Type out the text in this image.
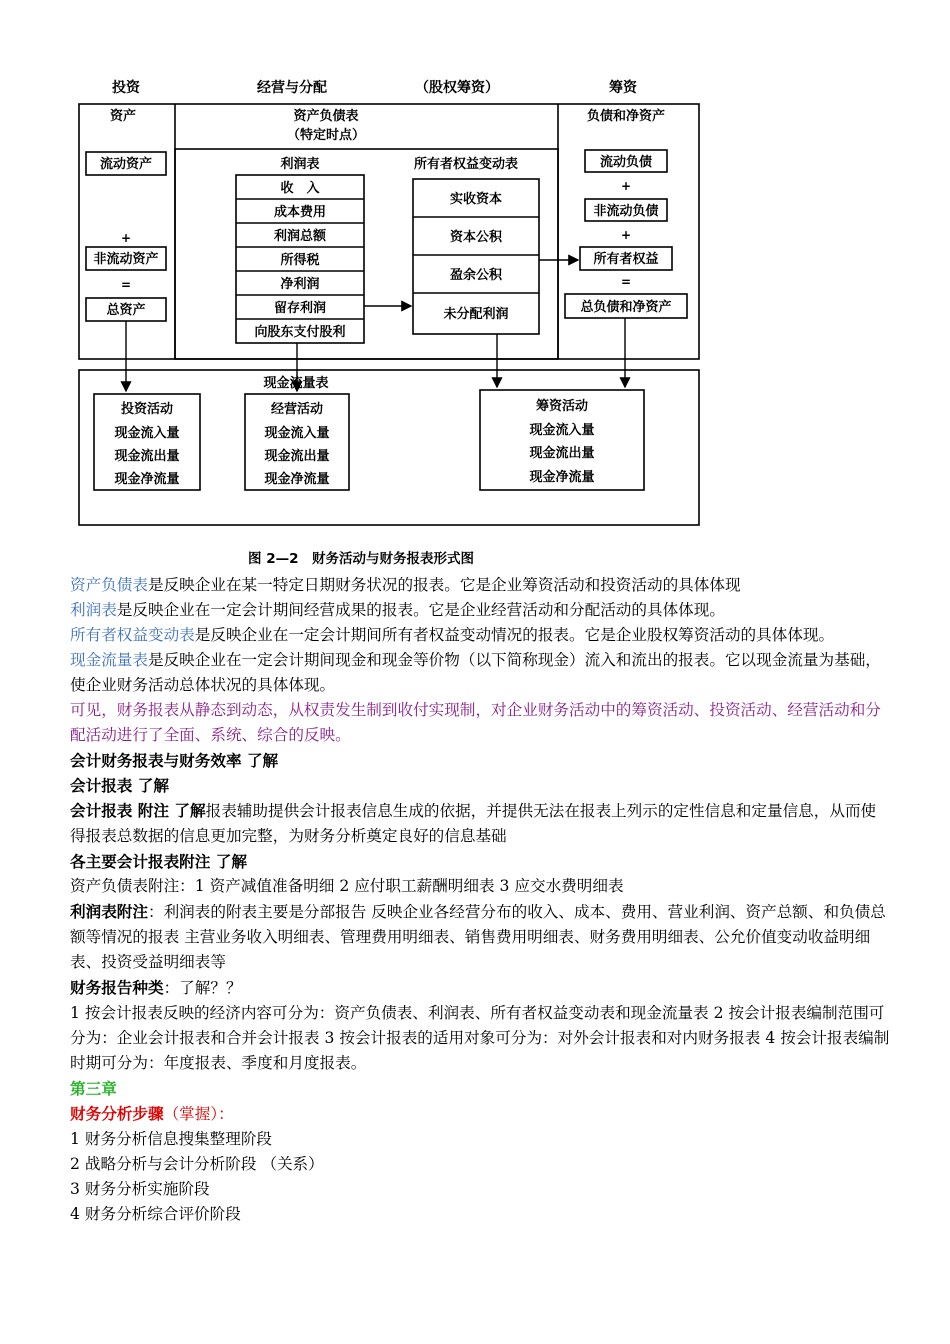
投资	经营与分配	（股权筹资）	筹资
资产	资产负债表
（特定时点）
负债和净资产
流动资产
+
非流动资产
=
总资产
利润表
收　入
成本费用
利润总额
所得税
净利润
留存利润
向股东支付股利
所有者权益变动表
实收资本
资本公积
盈余公积
未分配利润
流动负债
+
非流动负债
+
所有者权益
=
总负债和净资产
现金流量表
投资活动
现金流入量
现金流出量
现金净流量
经营活动
现金流入量
现金流出量
现金净流量
筹资活动
现金流入量
现金流出量
现金净流量
图 2—2　财务活动与财务报表形式图

资产负债表是反映企业在某一特定日期财务状况的报表。它是企业筹资活动和投资活动的具体体现

利润表是反映企业在一定会计期间经营成果的报表。它是企业经营活动和分配活动的具体体现。

所有者权益变动表是反映企业在一定会计期间所有者权益变动情况的报表。它是企业股权筹资活动的具体体现。

现金流量表是反映企业在一定会计期间现金和现金等价物（以下简称现金）流入和流出的报表。它以现金流量为基础，使企业财务活动总体状况的具体体现。

可见，财务报表从静态到动态，从权责发生制到收付实现制，对企业财务活动中的筹资活动、投资活动、经营活动和分配活动进行了全面、系统、综合的反映。

会计财务报表与财务效率 了解

会计报表 了解

会计报表 附注 了解报表辅助提供会计报表信息生成的依据，并提供无法在报表上列示的定性信息和定量信息，从而使得报表总数据的信息更加完整，为财务分析奠定良好的信息基础

各主要会计报表附注 了解

资产负债表附注：1 资产减值准备明细 2 应付职工薪酬明细表 3 应交水费明细表

利润表附注：利润表的附表主要是分部报告 反映企业各经营分布的收入、成本、费用、营业利润、资产总额、和负债总额等情况的报表 主营业务收入明细表、管理费用明细表、销售费用明细表、财务费用明细表、公允价值变动收益明细表、投资受益明细表等

财务报告种类：了解？？

1 按会计报表反映的经济内容可分为：资产负债表、利润表、所有者权益变动表和现金流量表 2 按会计报表编制范围可分为：企业会计报表和合并会计报表 3 按会计报表的适用对象可分为：对外会计报表和对内财务报表 4 按会计报表编制时期可分为：年度报表、季度和月度报表。

第三章

财务分析步骤（掌握）：

1 财务分析信息搜集整理阶段

2 战略分析与会计分析阶段 （关系）

3 财务分析实施阶段

4 财务分析综合评价阶段
